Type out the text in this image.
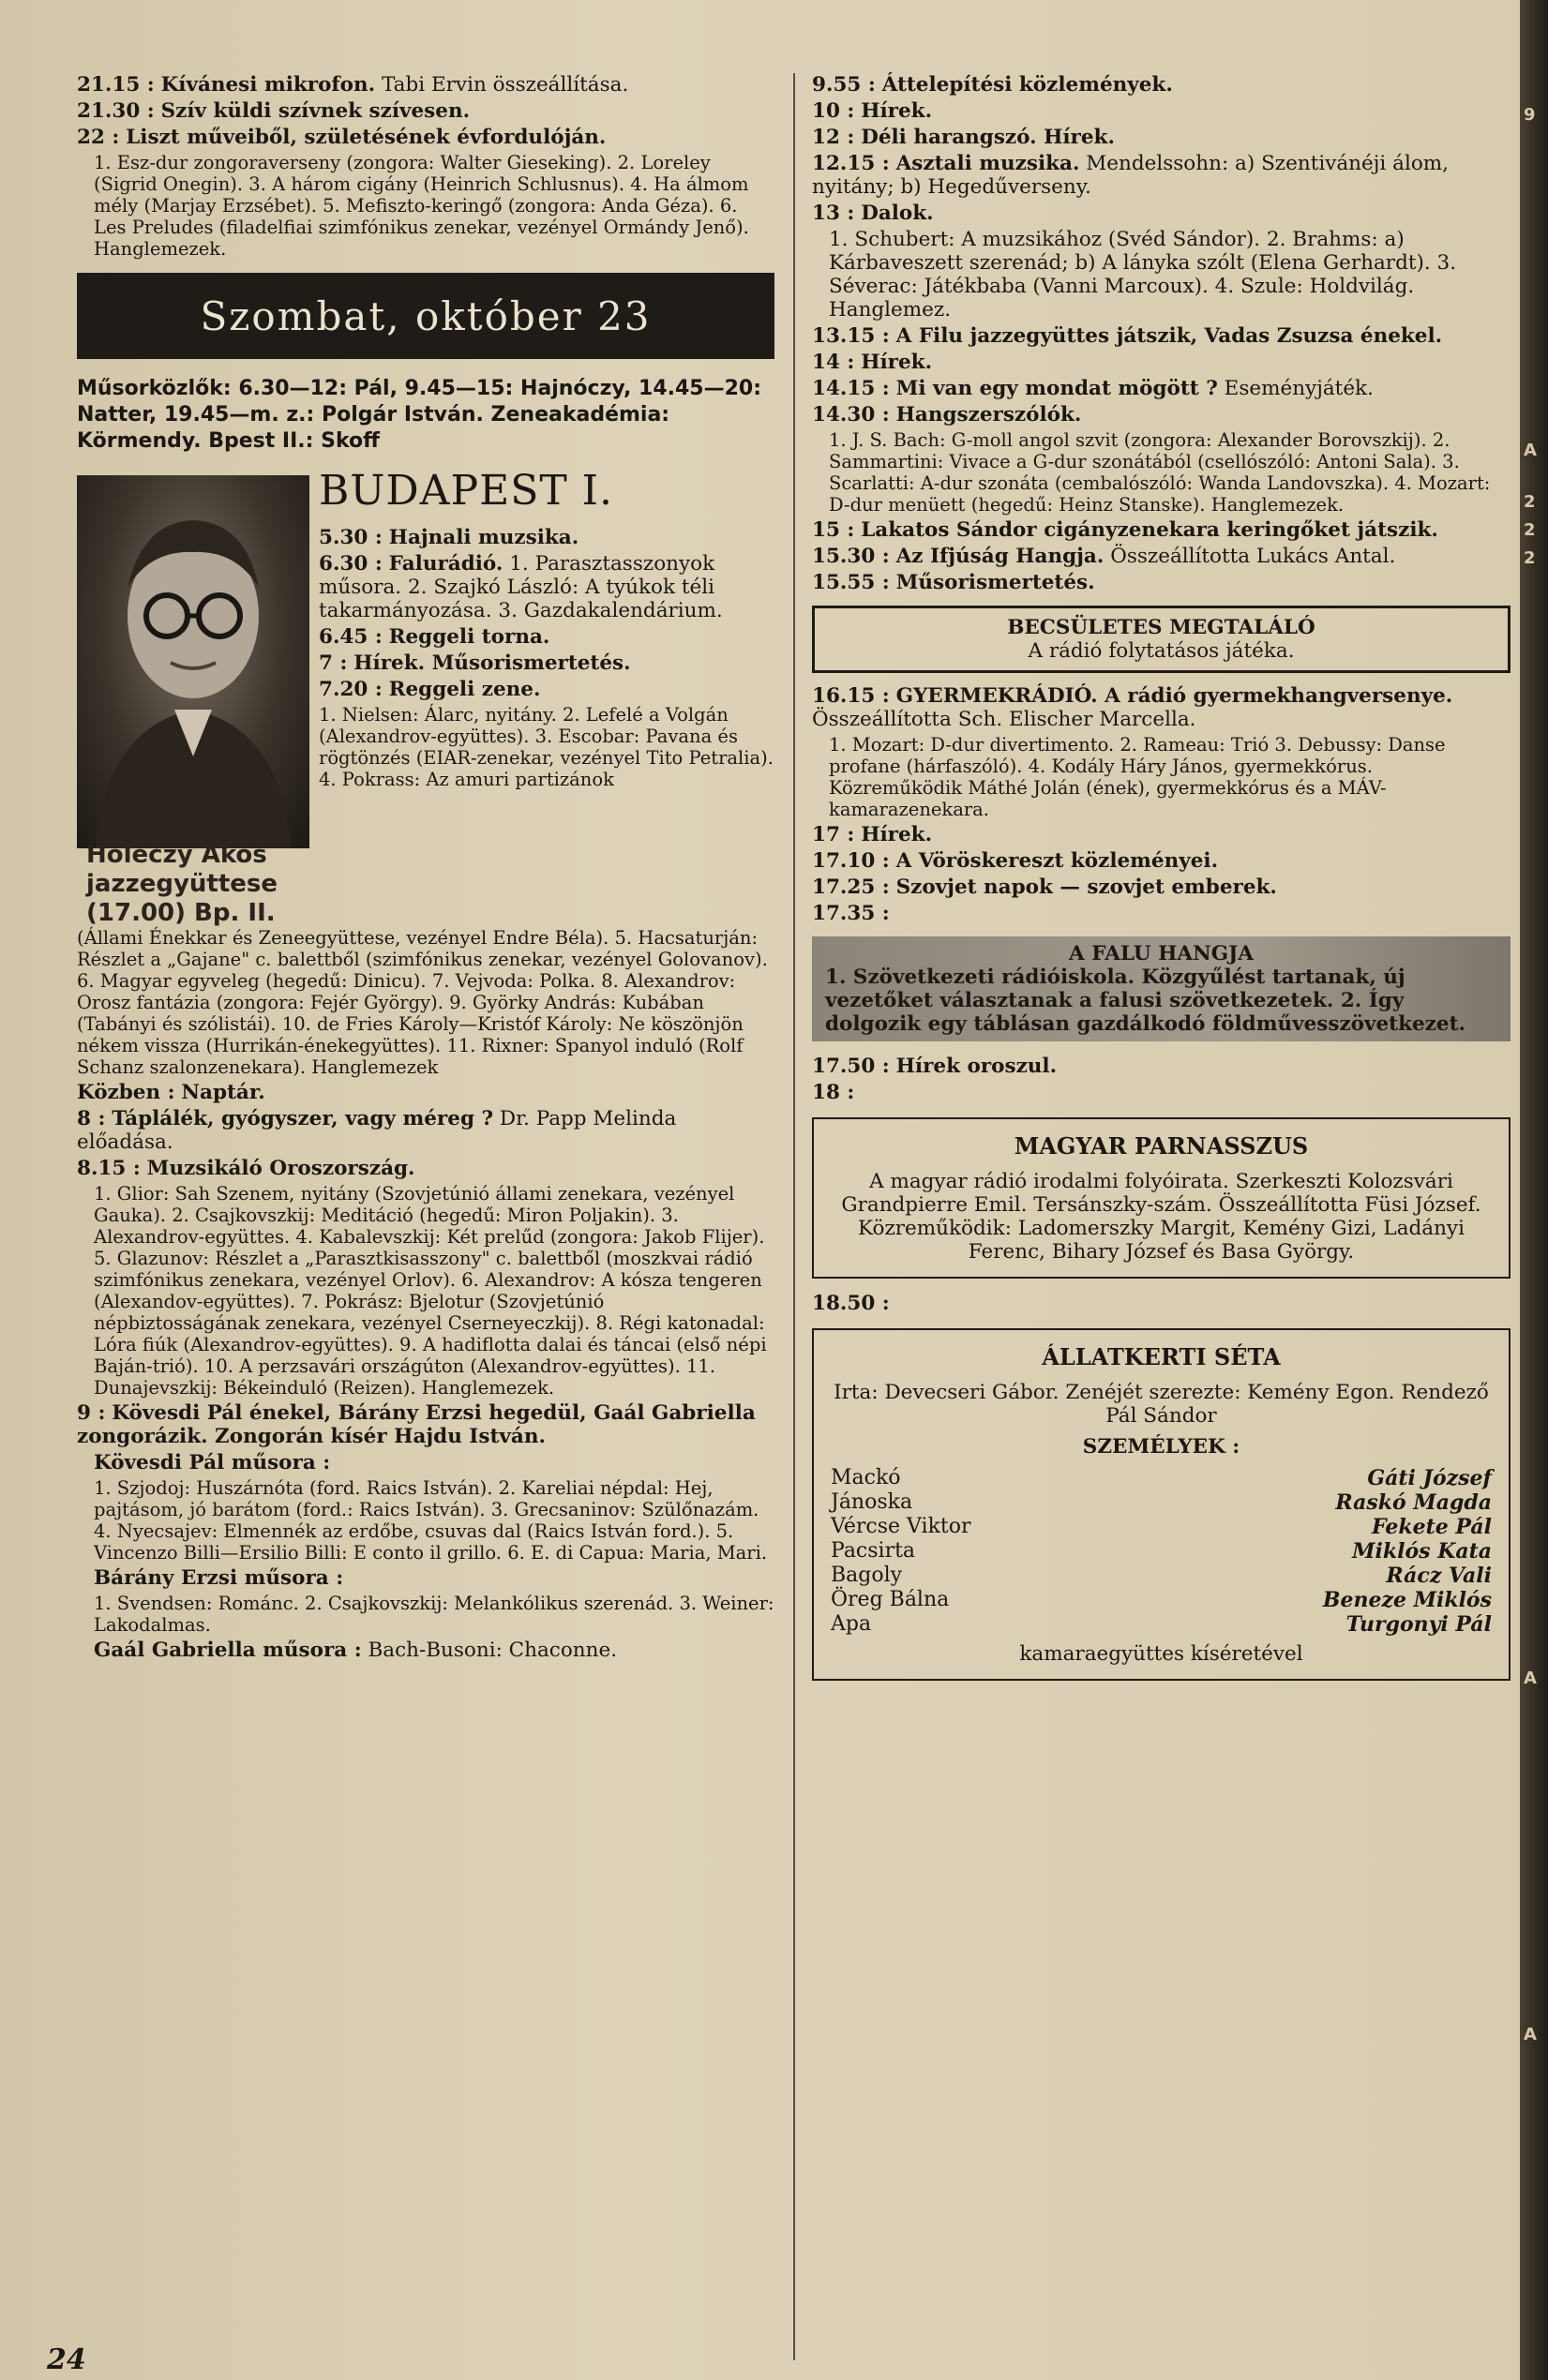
9
A
2
2
2
A
A

21.15 : Kívánesi mikrofon. Tabi Ervin összeállítása.

21.30 : Szív küldi szívnek szívesen.

22 : Liszt műveiből, születésének évfordulóján.

1. Esz-dur zongoraverseny (zongora: Walter Gieseking). 2. Loreley (Sigrid Onegin). 3. A három cigány (Heinrich Schlusnus). 4. Ha álmom mély (Marjay Erzsébet). 5. Mefiszto-keringő (zongora: Anda Géza). 6. Les Preludes (filadelfiai szimfónikus zenekar, vezényel Ormándy Jenő). Hanglemezek.

Szombat, október 23
Műsorközlők: 6.30—12: Pál, 9.45—15: Hajnóczy, 14.45—20: Natter, 19.45—m. z.: Polgár István. Zeneakadémia: Körmendy. Bpest II.: Skoff
Holéczy Ákos jazzegyüttese (17.00) Bp. II.
BUDAPEST I.

5.30 : Hajnali muzsika.

6.30 : Falurádió. 1. Parasztasszonyok műsora. 2. Szajkó László: A tyúkok téli takarmányozása. 3. Gazdakalendárium.

6.45 : Reggeli torna.

7 : Hírek. Műsorismertetés.

7.20 : Reggeli zene.

1. Nielsen: Álarc, nyitány. 2. Lefelé a Volgán (Alexandrov-együttes). 3. Escobar: Pavana és rögtönzés (EIAR-zenekar, vezényel Tito Petralia). 4. Pokrass: Az amuri partizánok

(Állami Énekkar és Zeneegyüttese, vezényel Endre Béla). 5. Hacsaturján: Részlet a „Gajane" c. balettből (szimfónikus zenekar, vezényel Golovanov). 6. Magyar egyveleg (hegedű: Dinicu). 7. Vejvoda: Polka. 8. Alexandrov: Orosz fantázia (zongora: Fejér György). 9. Györky András: Kubában (Tabányi és szólistái). 10. de Fries Károly—Kristóf Károly: Ne köszönjön nékem vissza (Hurrikán-énekegyüttes). 11. Rixner: Spanyol induló (Rolf Schanz szalonzenekara). Hanglemezek

Közben : Naptár.

8 : Táplálék, gyógyszer, vagy méreg ? Dr. Papp Melinda előadása.

8.15 : Muzsikáló Oroszország.

1. Glior: Sah Szenem, nyitány (Szovjetúnió állami zenekara, vezényel Gauka). 2. Csajkovszkij: Meditáció (hegedű: Miron Poljakin). 3. Alexandrov-együttes. 4. Kabalevszkij: Két prelűd (zongora: Jakob Flijer). 5. Glazunov: Részlet a „Parasztkisasszony" c. balettből (moszkvai rádió szimfónikus zenekara, vezényel Orlov). 6. Alexandrov: A kósza tengeren (Alexandov-együttes). 7. Pokrász: Bjelotur (Szovjetúnió népbiztosságának zenekara, vezényel Cserneyeczkij). 8. Régi katonadal: Lóra fiúk (Alexandrov-együttes). 9. A hadiflotta dalai és táncai (első népi Baján-trió). 10. A perzsavári országúton (Alexandrov-együttes). 11. Dunajevszkij: Békeinduló (Reizen). Hanglemezek.

9 : Kövesdi Pál énekel, Bárány Erzsi hegedül, Gaál Gabriella zongorázik. Zongorán kísér Hajdu István.

Kövesdi Pál műsora :

1. Szjodoj: Huszárnóta (ford. Raics István). 2. Kareliai népdal: Hej, pajtásom, jó barátom (ford.: Raics István). 3. Grecsaninov: Szülőnazám. 4. Nyecsajev: Elmennék az erdőbe, csuvas dal (Raics István ford.). 5. Vincenzo Billi—Ersilio Billi: E conto il grillo. 6. E. di Capua: Maria, Mari.

Bárány Erzsi műsora :

1. Svendsen: Románc. 2. Csajkovszkij: Melankólikus szerenád. 3. Weiner: Lakodalmas.

Gaál Gabriella műsora : Bach-Busoni: Chaconne.

9.55 : Áttelepítési közlemények.

10 : Hírek.

12 : Déli harangszó. Hírek.

12.15 : Asztali muzsika. Mendelssohn: a) Szentivánéji álom, nyitány; b) Hegedűverseny.

13 : Dalok.

1. Schubert: A muzsikához (Svéd Sándor). 2. Brahms: a) Kárbaveszett szerenád; b) A lányka szólt (Elena Gerhardt). 3. Séverac: Játékbaba (Vanni Marcoux). 4. Szule: Holdvilág. Hanglemez.

13.15 : A Filu jazzegyüttes játszik, Vadas Zsuzsa énekel.

14 : Hírek.

14.15 : Mi van egy mondat mögött ? Eseményjáték.

14.30 : Hangszerszólók.

1. J. S. Bach: G-moll angol szvit (zongora: Alexander Borovszkij). 2. Sammartini: Vivace a G-dur szonátából (csellószóló: Antoni Sala). 3. Scarlatti: A-dur szonáta (cembalószóló: Wanda Landovszka). 4. Mozart: D-dur menüett (hegedű: Heinz Stanske). Hanglemezek.

15 : Lakatos Sándor cigányzenekara keringőket játszik.

15.30 : Az Ifjúság Hangja. Összeállította Lukács Antal.

15.55 : Műsorismertetés.

BECSÜLETES MEGTALÁLÓ
A rádió folytatásos játéka.

16.15 : GYERMEKRÁDIÓ. A rádió gyermekhangversenye. Összeállította Sch. Elischer Marcella.

1. Mozart: D-dur divertimento. 2. Rameau: Trió 3. Debussy: Danse profane (hárfaszóló). 4. Kodály Háry János, gyermekkórus. Közreműködik Máthé Jolán (ének), gyermekkórus és a MÁV-kamarazenekara.

17 : Hírek.

17.10 : A Vöröskereszt közleményei.

17.25 : Szovjet napok — szovjet emberek.

17.35 :

A FALU HANGJA
1. Szövetkezeti rádióiskola. Közgyűlést tartanak, új vezetőket választanak a falusi szövetkezetek. 2. Így dolgozik egy táblásan gazdálkodó földművesszövetkezet.

17.50 : Hírek oroszul.

18 :

MAGYAR PARNASSZUS
A magyar rádió irodalmi folyóirata. Szerkeszti Kolozsvári Grandpierre Emil. Tersánszky-szám. Összeállította Füsi József. Közreműködik: Ladomerszky Margit, Kemény Gizi, Ladányi Ferenc, Bihary József és Basa György.

18.50 :

ÁLLATKERTI SÉTA
Irta: Devecseri Gábor. Zenéjét szerezte: Kemény Egon. Rendező Pál Sándor
SZEMÉLYEK :
Mackó	Gáti József
Jánoska	Raskó Magda
Vércse Viktor	Fekete Pál
Pacsirta	Miklós Kata
Bagoly	Rácz Vali
Öreg Bálna	Beneze Miklós
Apa	Turgonyi Pál
kamaraegyüttes kíséretével
24
